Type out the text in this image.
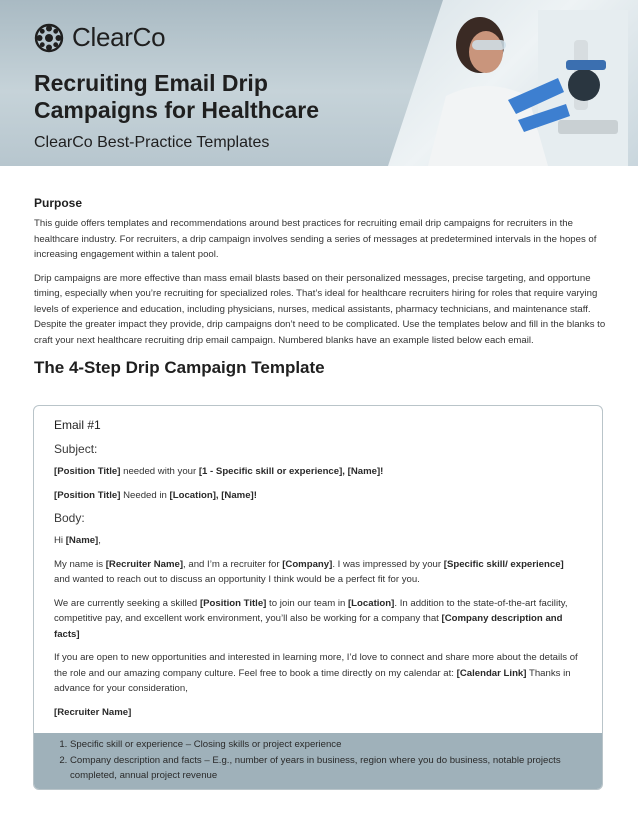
ClearCo
Recruiting Email Drip Campaigns for Healthcare
ClearCo Best-Practice Templates
Purpose

This guide offers templates and recommendations around best practices for recruiting email drip campaigns for recruiters in the healthcare industry. For recruiters, a drip campaign involves sending a series of messages at predetermined intervals in the hopes of increasing engagement within a talent pool.

Drip campaigns are more effective than mass email blasts based on their personalized messages, precise targeting, and opportune timing, especially when you’re recruiting for specialized roles. That’s ideal for healthcare recruiters hiring for roles that require varying levels of experience and education, including physicians, nurses, medical assistants, pharmacy technicians, and maintenance staff. Despite the greater impact they provide, drip campaigns don’t need to be complicated. Use the templates below and fill in the blanks to craft your next healthcare recruiting drip email campaign. Numbered blanks have an example listed below each email.

The 4-Step Drip Campaign Template
Email #1
Subject:

[Position Title] needed with your [1 - Specific skill or experience], [Name]!

[Position Title] Needed in [Location], [Name]!

Body:

Hi [Name],

My name is [Recruiter Name], and I’m a recruiter for [Company]. I was impressed by your [Specific skill/ experience] and wanted to reach out to discuss an opportunity I think would be a perfect fit for you.

We are currently seeking a skilled [Position Title] to join our team in [Location]. In addition to the state-of-the-art facility, competitive pay, and excellent work environment, you’ll also be working for a company that [Company description and facts]

If you are open to new opportunities and interested in learning more, I’d love to connect and share more about the details of the role and our amazing company culture. Feel free to book a time directly on my calendar at: [Calendar Link] Thanks in advance for your consideration,

[Recruiter Name]

1. Specific skill or experience – Closing skills or project experience
2. Company description and facts – E.g., number of years in business, region where you do business, notable projects completed, annual project revenue
